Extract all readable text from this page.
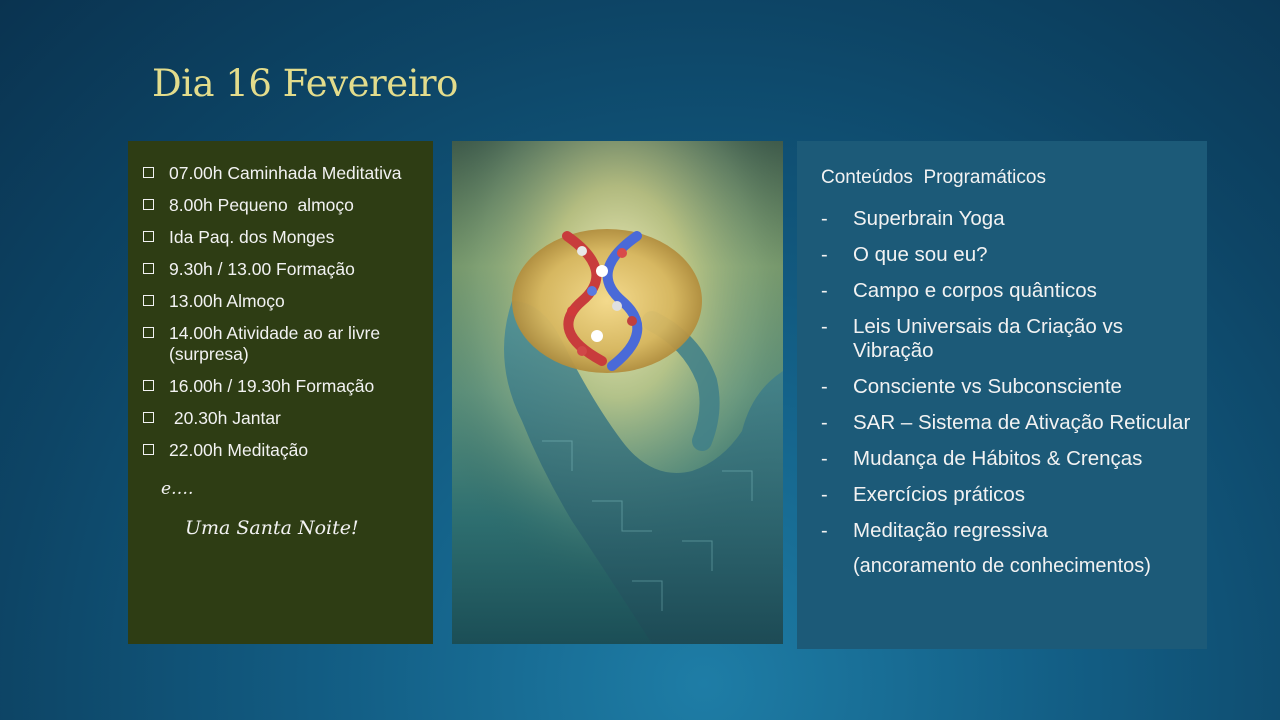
Dia 16 Fevereiro
07.00h Caminhada Meditativa
8.00h Pequeno  almoço
Ida Paq. dos Monges
9.30h / 13.00 Formação
13.00h Almoço
14.00h Atividade ao ar livre (surpresa)
16.00h / 19.30h Formação
20.30h Jantar
22.00h Meditação
e….
Uma Santa Noite!
Conteúdos  Programáticos
-	Superbrain Yoga
-	O que sou eu?
-	Campo e corpos quânticos
-	Leis Universais da Criação vs Vibração
-	Consciente vs Subconsciente
-	SAR – Sistema de Ativação Reticular
-	Mudança de Hábitos & Crenças
-	Exercícios práticos
-	Meditação regressiva
(ancoramento de conhecimentos)
